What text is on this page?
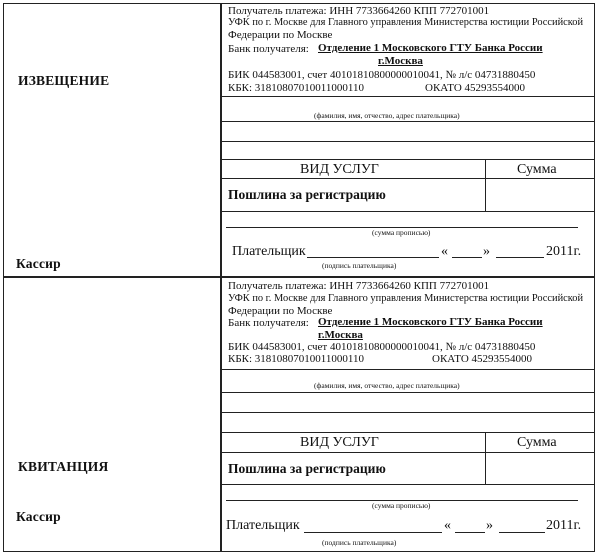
ИЗВЕЩЕНИЕ
Кассир
Получатель платежа: ИНН 7733664260 КПП 772701001
УФК по г. Москве для Главного управления Министерства юстиции Российской
Федерации по Москве
Банк получателя: Отделение 1 Московского ГТУ Банка России
г.Москва
БИК 044583001, счет 40101810800000010041, № л/с 04731880450
КБК: 31810807010011000110	ОКАТО 45293554000
(фамилия, имя, отчество, адрес плательщика)
ВИД УСЛУГ	Сумма
Пошлина за регистрацию
(сумма прописью)
Плательщик	«	»	2011г.
(подпись плательщика)
КВИТАНЦИЯ
Кассир
Получатель платежа: ИНН 7733664260 КПП 772701001
УФК по г. Москве для Главного управления Министерства юстиции Российской
Федерации по Москве
Банк получателя: Отделение 1 Московского ГТУ Банка России
г.Москва
БИК 044583001, счет 40101810800000010041, № л/с 04731880450
КБК: 31810807010011000110	ОКАТО 45293554000
(фамилия, имя, отчество, адрес плательщика)
ВИД УСЛУГ	Сумма
Пошлина за регистрацию
(сумма прописью)
Плательщик	«	»	2011г.
(подпись плательщика)
